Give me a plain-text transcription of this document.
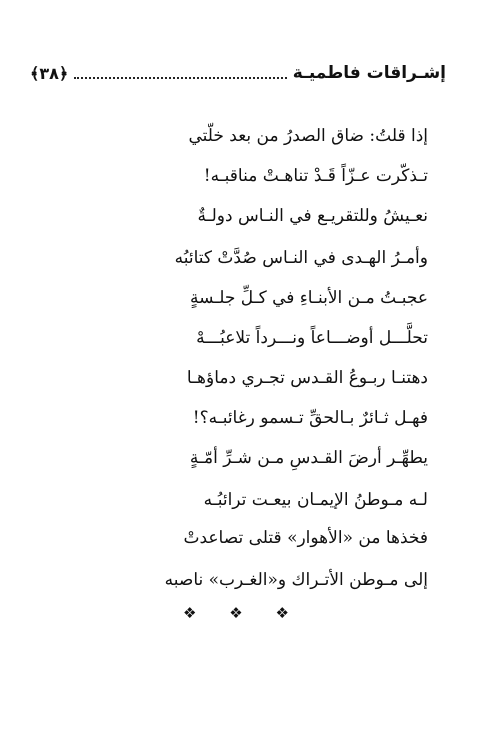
إشـراقات فاطميـة
﴿٣٨﴾
إذا قلتُ: ضاق الصدرُ من بعد خلّتي
تـذكّرت عـزّاً قَـدْ تناهـتْ مناقبـه!
نعـيشُ وللتقريـع في النـاس دولـةٌ
وأمـرُ الهـدى في النـاس صُدَّتْ كتائبُه
عجبـتُ مـن الأبنـاءِ في كـلِّ جلـسةٍ
تحلَّـــل أوضـــاعاً ونـــرداً تلاعبُـــهْ
دهتنـا ربـوعُ القـدس تجـري دماؤهـا
فهـل ثـائرٌ بـالحقِّ تـسمو رغائبـه؟!
يطهِّـر أرضَ القـدسِ مـن شـرِّ أمّـةٍ
لـه مـوطنُ الإيمـان بيعـت ترائبُـه
فخذها من «الأهوار» قتلى تصاعدتْ
إلى مـوطن الأتـراك و«الغـرب» ناصبه
❖ ❖ ❖
